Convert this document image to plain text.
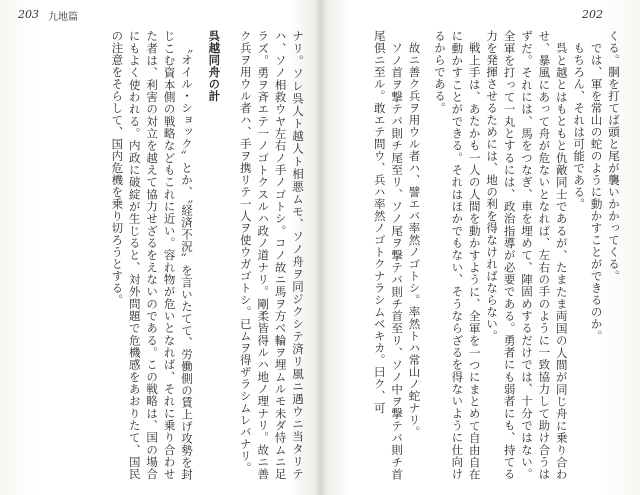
203 九地篇	202

くる。胴を打てば頭と尾が襲いかかってくる。

では、軍を常山の蛇のように動かすことができるのか。

もちろん、それは可能である。

呉と越とはもともと仇敵同士であるが、たまたま両国の人間が同じ舟に乗り合わせ、暴風にあって舟が危ないとなれば、左右の手のように一致協力して助け合うはずだ。それには、馬をつなぎ、車を埋めて、陣固めするだけでは、十分ではない。全軍を打って一丸とするには、政治指導が必要である。勇者にも弱者にも、持てる力を発揮させるためには、地の利を得なければならない。

戦上手は、あたかも一人の人間を動かすように、全軍を一つにまとめて自由自在に動かすことができる。それはほかでもない、そうならざるを得ないように仕向けるからである。

故ニ善ク兵ヲ用ウル者ハ、譬エバ率然ノゴトシ。率然トハ常山ノ蛇ナリ。

ソノ首ヲ撃テバ則チ尾至リ、ソノ尾ヲ撃テバ則チ首至リ、ソノ中ヲ撃テバ則チ首尾倶ニ至ル。敢エテ問ウ、兵ハ率然ノゴトクナラシムベキカ。曰ク、可

ナリ。ソレ呉人ト越人ト相悪ムモ、ソノ舟ヲ同ジクシテ済リ風ニ遇ウニ当タリテハ、ソノ相救ウヤ左右ノ手ノゴトシ。コノ故ニ馬ヲ方ベ輪ヲ埋ムルモ未ダ恃ムニ足ラズ。勇ヲ斉エテ一ノゴトクスルハ政ノ道ナリ。剛柔皆得ルハ地ノ理ナリ。故ニ善ク兵ヲ用ウル者ハ、手ヲ携リテ一人ヲ使ウガゴトシ。已ムヲ得ザラシムレバナリ。

呉越同舟の計

〝オイル・ショック〟とか、〝経済不況〟を言いたてて、労働側の賃上げ攻勢を封じこむ資本側の戦略などもこれに近い。容れ物が危いとなれば、それに乗り合わせた者は、利害の対立を越えて協力せざるをえないのである。この戦略は、国の場合にもよく使われる。内政に破綻が生じると、対外問題で危機感をあおりたて、国民の注意をそらして、国内危機を乗り切ろうとする。
